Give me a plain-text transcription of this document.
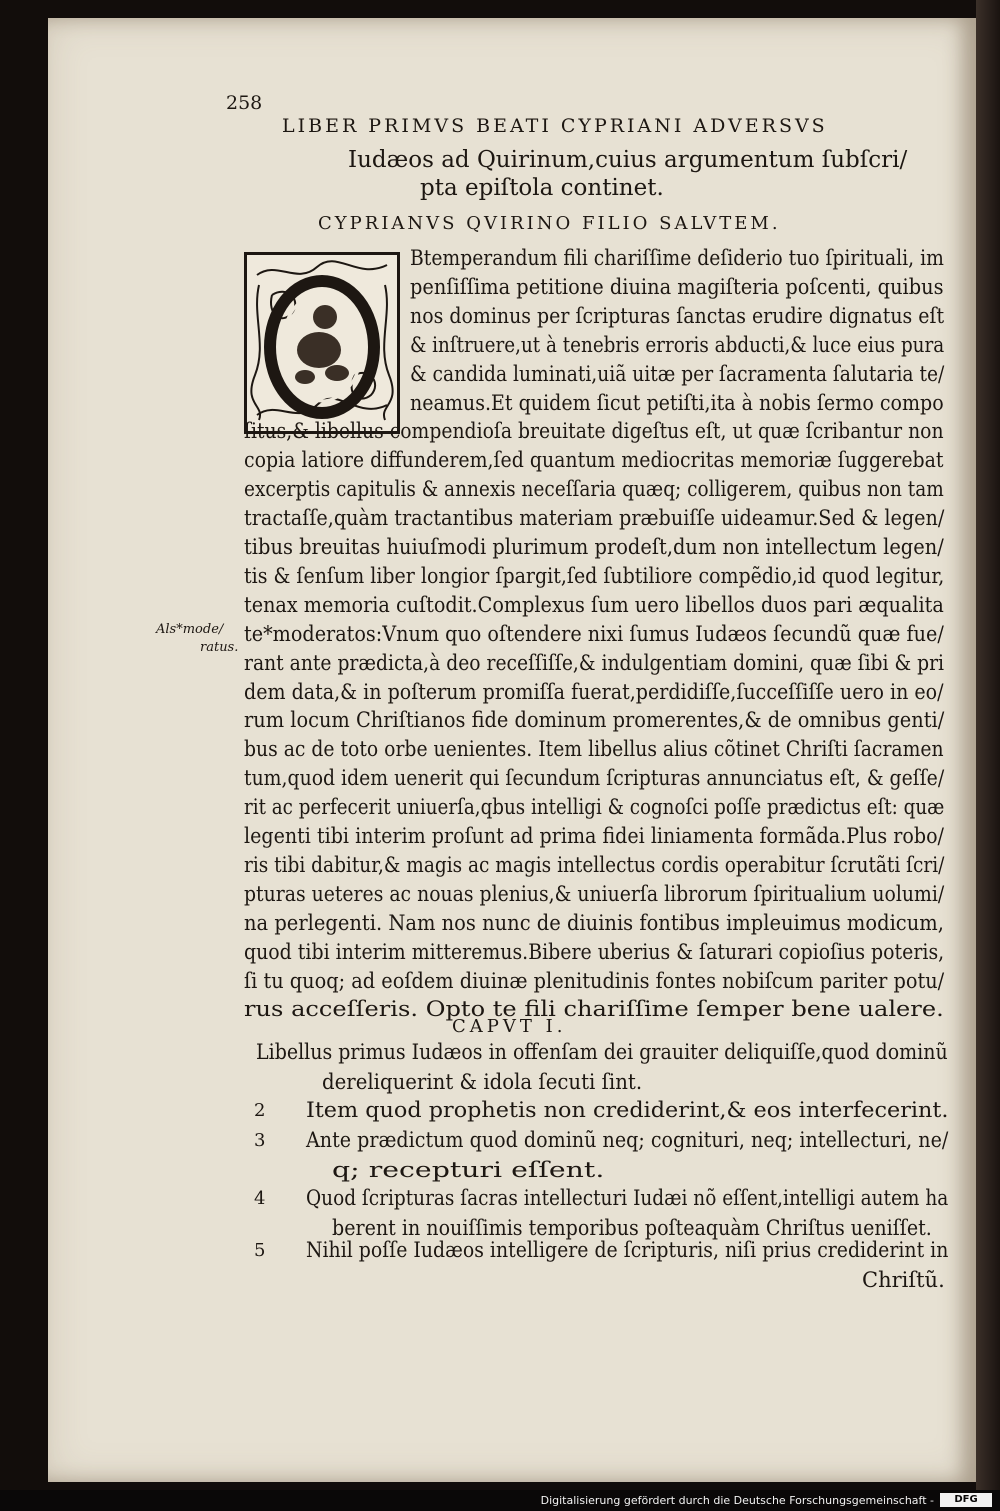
258
LIBER PRIMVS BEATI CYPRIANI ADVERSVS
Iudæos ad Quirinum,cuius argumentum ſubſcri/
pta epiſtola continet.
CYPRIANVS QVIRINO FILIO SALVTEM.
Btemperandum fili chariſſime deſiderio tuo ſpirituali, im
penſiſſima petitione diuina magiſteria poſcenti, quibus
nos dominus per ſcripturas ſanctas erudire dignatus eſt
& inſtruere,ut à tenebris erroris abducti,& luce eius pura
& candida luminati,uiã uitæ per ſacramenta ſalutaria te/
neamus.Et quidem ſicut petiſti,ita à nobis ſermo compo
ſitus,& libellus compendioſa breuitate digeſtus eſt, ut quæ ſcribantur non
copia latiore diffunderem,ſed quantum mediocritas memoriæ ſuggerebat
excerptis capitulis & annexis neceſſaria quæq; colligerem, quibus non tam
tractaſſe,quàm tractantibus materiam præbuiſſe uideamur.Sed & legen/
tibus breuitas huiuſmodi plurimum prodeſt,dum non intellectum legen/
tis & ſenſum liber longior ſpargit,ſed ſubtiliore compẽdio,id quod legitur,
tenax memoria cuſtodit.Complexus ſum uero libellos duos pari æqualita
te*moderatos:Vnum quo oſtendere nixi ſumus Iudæos ſecundũ quæ fue/
rant ante prædicta,à deo receſſiſſe,& indulgentiam domini, quæ ſibi & pri
dem data,& in poſterum promiſſa fuerat,perdidiſſe,ſucceſſiſſe uero in eo/
rum locum Chriſtianos fide dominum promerentes,& de omnibus genti/
bus ac de toto orbe uenientes. Item libellus alius cõtinet Chriſti ſacramen
tum,quod idem uenerit qui ſecundum ſcripturas annunciatus eſt, & geſſe/
rit ac perfecerit uniuerſa,qbus intelligi & cognoſci poſſe prædictus eſt: quæ
legenti tibi interim proſunt ad prima fidei liniamenta formãda.Plus robo/
ris tibi dabitur,& magis ac magis intellectus cordis operabitur ſcrutãti ſcri/
pturas ueteres ac nouas plenius,& uniuerſa librorum ſpiritualium uolumi/
na perlegenti. Nam nos nunc de diuinis fontibus impleuimus modicum,
quod tibi interim mitteremus.Bibere uberius & ſaturari copioſius poteris,
ſi tu quoq; ad eoſdem diuinæ plenitudinis fontes nobiſcum pariter potu/
rus acceſſeris. Opto te fili chariſſime ſemper bene ualere.
Als*mode/
ratus.
CAPVT I.
Libellus primus Iudæos in offenſam dei grauiter deliquiſſe,quod dominũ
dereliquerint & idola ſecuti ſint.
2 Item quod prophetis non crediderint,& eos interfecerint.
3 Ante prædictum quod dominũ neq; cognituri, neq; intellecturi, ne/
q; recepturi eſſent.
4 Quod ſcripturas ſacras intellecturi Iudæi nõ eſſent,intelligi autem ha
berent in nouiſſimis temporibus poſteaquàm Chriſtus ueniſſet.
5 Nihil poſſe Iudæos intelligere de ſcripturis, niſi prius crediderint in
Chriſtũ.
Digitalisierung gefördert durch die Deutsche Forschungsgemeinschaft -	DFG
